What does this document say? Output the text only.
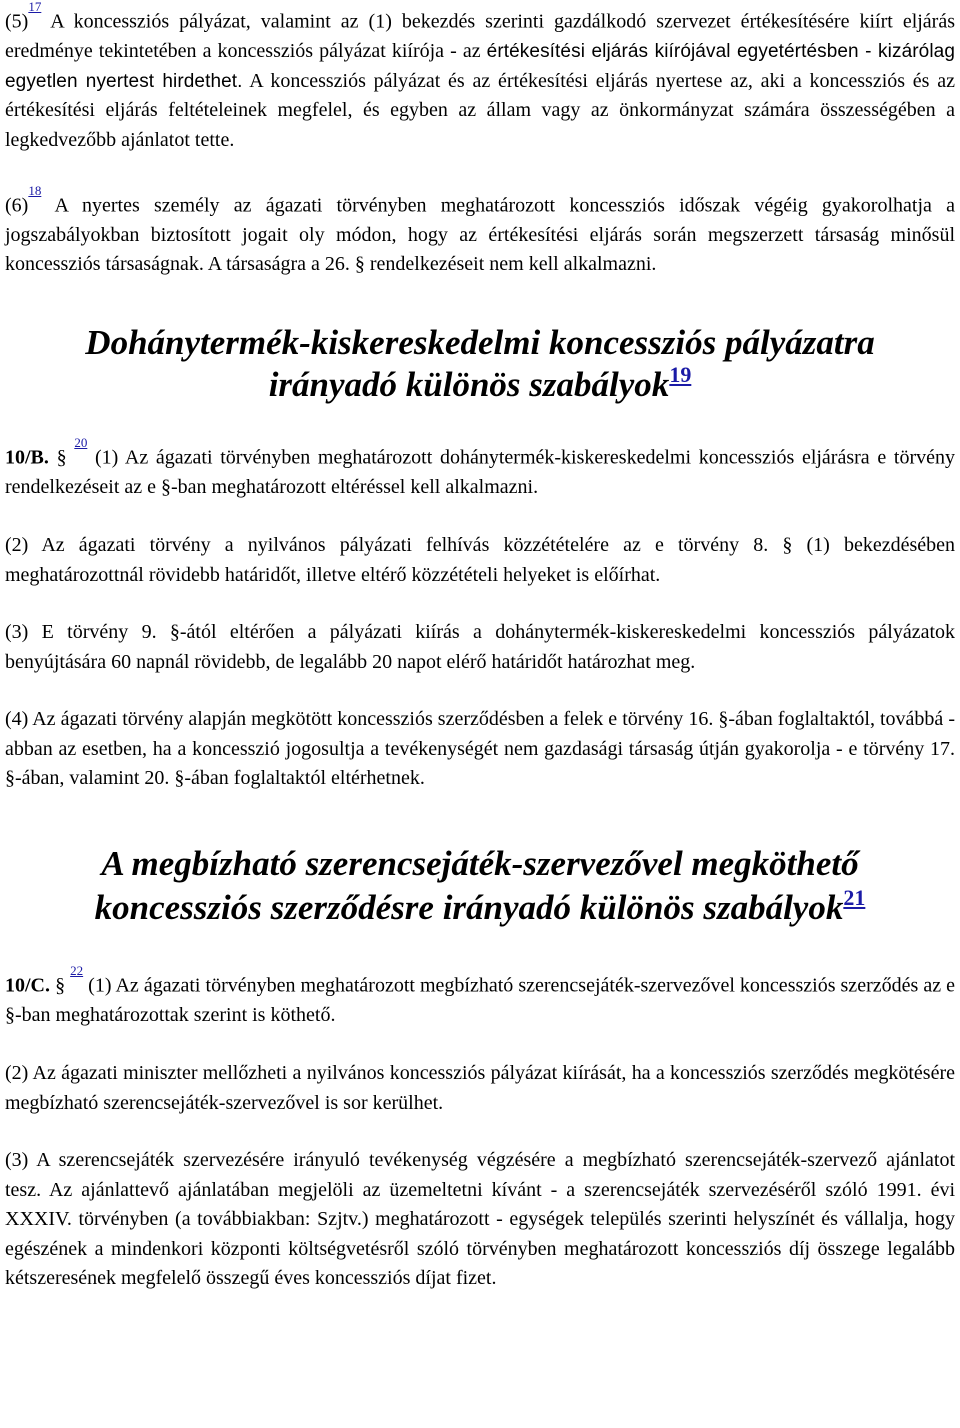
$(5)^{^{17}}$ A koncessziós pályázat, valamint az (1) bekezdés szerinti gazdálkodó szervezet értékesítésére kiírt eljárás eredménye tekintetében a koncessziós pályázat kiírója - az értékesítési eljárás kiírójával egyetértésben - kizárólag egyetlen nyertest hirdethet. A koncessziós pályázat és az értékesítési eljárás nyertese az, aki a koncessziós és az értékesítési eljárás feltételeinek megfelel, és egyben az állam vagy az önkormányzat számára összességében a legkedvezőbb ajánlatot tette.

$(6)^{^{18}}$ A nyertes személy az ágazati törvényben meghatározott koncessziós időszak végéig gyakorolhatja a jogszabályokban biztosított jogait oly módon, hogy az értékesítési eljárás során megszerzett társaság minősül koncessziós társaságnak. A társaságra a 26. § rendelkezéseit nem kell alkalmazni.

Dohánytermék-kiskereskedelmi koncessziós pályázatra
irányadó különös szabályok$^{19}$

10/B. § $^{^{20}}$ (1) Az ágazati törvényben meghatározott dohánytermék-kiskereskedelmi koncessziós eljárásra e törvény rendelkezéseit az e §-ban meghatározott eltéréssel kell alkalmazni.

(2) Az ágazati törvény a nyilvános pályázati felhívás közzétételére az e törvény 8. § (1) bekezdésében meghatározottnál rövidebb határidőt, illetve eltérő közzétételi helyeket is előírhat.

(3) E törvény 9. §-ától eltérően a pályázati kiírás a dohánytermék-kiskereskedelmi koncessziós pályázatok benyújtására 60 napnál rövidebb, de legalább 20 napot elérő határidőt határozhat meg.

(4) Az ágazati törvény alapján megkötött koncessziós szerződésben a felek e törvény 16. §-ában foglaltaktól, továbbá - abban az esetben, ha a koncesszió jogosultja a tevékenységét nem gazdasági társaság útján gyakorolja - e törvény 17. §-ában, valamint 20. §-ában foglaltaktól eltérhetnek.

A megbízható szerencsejáték-szervezővel megköthető
koncessziós szerződésre irányadó különös szabályok$^{21}$

10/C. § $^{^{22}}$ (1) Az ágazati törvényben meghatározott megbízható szerencsejáték-szervezővel koncessziós szerződés az e §-ban meghatározottak szerint is köthető.

(2) Az ágazati miniszter mellőzheti a nyilvános koncessziós pályázat kiírását, ha a koncessziós szerződés megkötésére megbízható szerencsejáték-szervezővel is sor kerülhet.

(3) A szerencsejáték szervezésére irányuló tevékenység végzésére a megbízható szerencsejáték-szervező ajánlatot tesz. Az ajánlattevő ajánlatában megjelöli az üzemeltetni kívánt - a szerencsejáték szervezéséről szóló 1991. évi XXXIV. törvényben (a továbbiakban: Szjtv.) meghatározott - egységek település szerinti helyszínét és vállalja, hogy egészének a mindenkori központi költségvetésről szóló törvényben meghatározott koncessziós díj összege legalább kétszeresének megfelelő összegű éves koncessziós díjat fizet.
